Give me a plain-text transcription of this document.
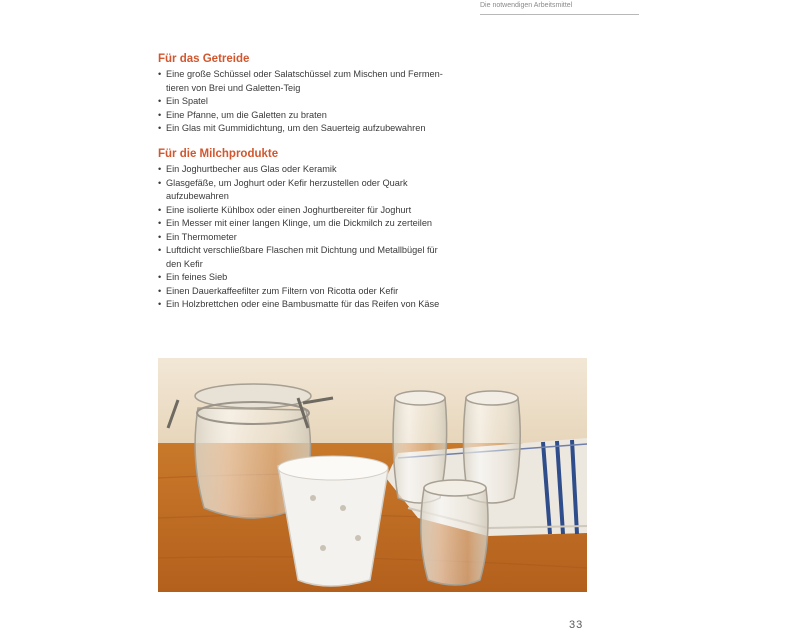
Die notwendigen Arbeitsmittel
Für das Getreide
• Eine große Schüssel oder Salatschüssel zum Mischen und Fermen-
tieren von Brei und Galetten-Teig
• Ein Spatel
• Eine Pfanne, um die Galetten zu braten
• Ein Glas mit Gummidichtung, um den Sauerteig aufzubewahren
Für die Milchprodukte
• Ein Joghurtbecher aus Glas oder Keramik
• Glasgefäße, um Joghurt oder Kefir herzustellen oder Quark
aufzubewahren
• Eine isolierte Kühlbox oder einen Joghurtbereiter für Joghurt
• Ein Messer mit einer langen Klinge, um die Dickmilch zu zerteilen
• Ein Thermometer
• Luftdicht verschließbare Flaschen mit Dichtung und Metallbügel für
den Kefir
• Ein feines Sieb
• Einen Dauerkaffeefilter zum Filtern von Ricotta oder Kefir
• Ein Holzbrettchen oder eine Bambusmatte für das Reifen von Käse
33
